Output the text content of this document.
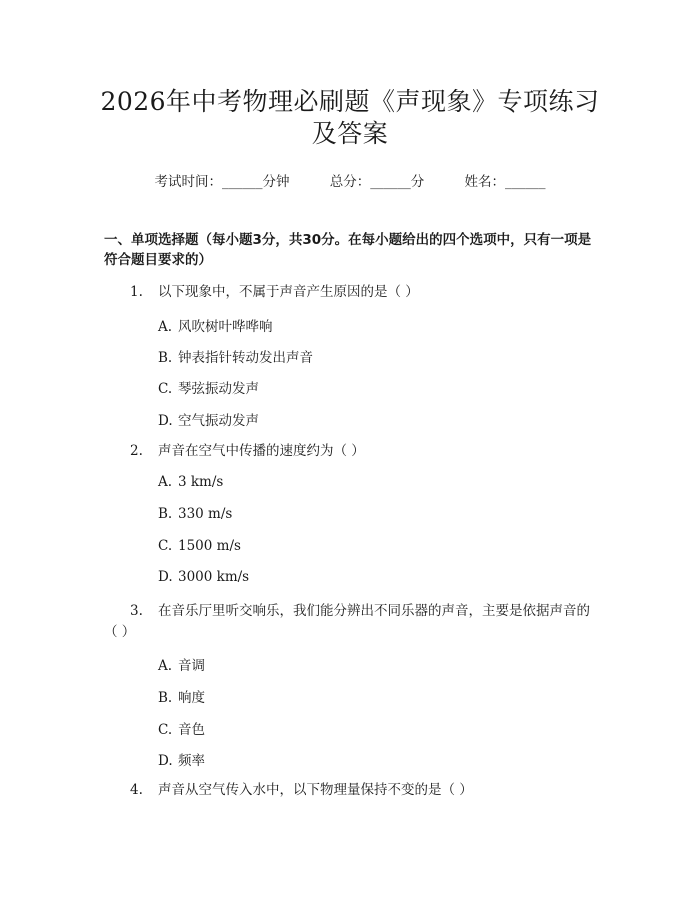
2026年中考物理必刷题《声现象》专项练习
及答案
考试时间：______分钟	总分：______分	姓名：______
一、单项选择题（每小题3分，共30分。在每小题给出的四个选项中，只有一项是符合题目要求的）
1. 以下现象中，不属于声音产生原因的是（ ）
A. 风吹树叶哗哗响
B. 钟表指针转动发出声音
C. 琴弦振动发声
D. 空气振动发声
2. 声音在空气中传播的速度约为（ ）
A. 3 km/s
B. 330 m/s
C. 1500 m/s
D. 3000 km/s
3. 在音乐厅里听交响乐，我们能分辨出不同乐器的声音，主要是依据声音的
（ ）
A. 音调
B. 响度
C. 音色
D. 频率
4. 声音从空气传入水中，以下物理量保持不变的是（ ）
